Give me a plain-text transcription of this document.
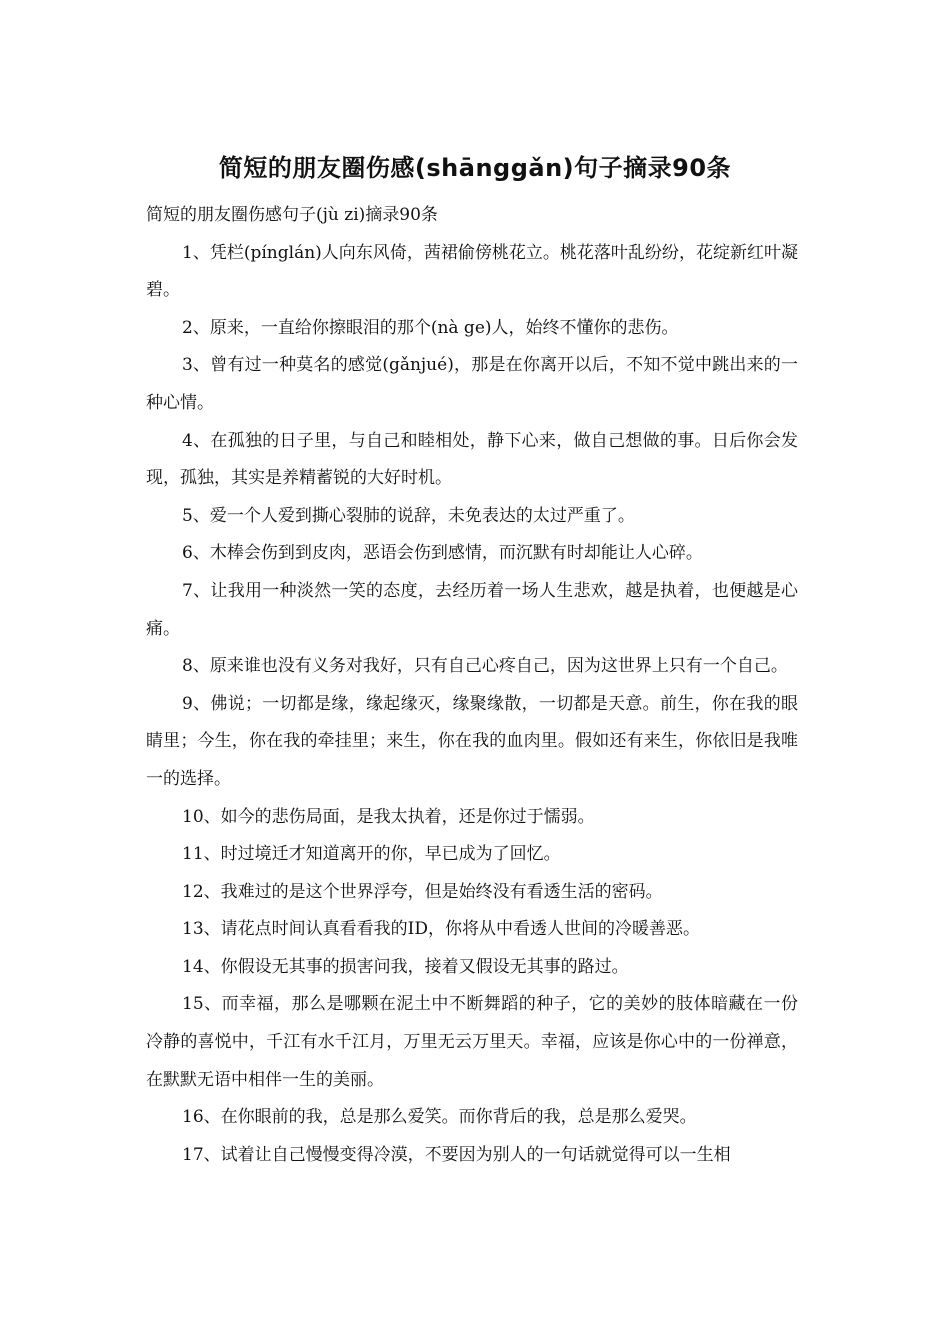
简短的朋友圈伤感(shānggǎn)句子摘录90条

简短的朋友圈伤感句子(jù zi)摘录90条

1、凭栏(pínglán)人向东风倚，茜裙偷傍桃花立。桃花落叶乱纷纷，花绽新红叶凝碧。

2、原来，一直给你擦眼泪的那个(nà ge)人，始终不懂你的悲伤。

3、曾有过一种莫名的感觉(gǎnjué)，那是在你离开以后，不知不觉中跳出来的一种心情。

4、在孤独的日子里，与自己和睦相处，静下心来，做自己想做的事。日后你会发现，孤独，其实是养精蓄锐的大好时机。

5、爱一个人爱到撕心裂肺的说辞，未免表达的太过严重了。

6、木棒会伤到到皮肉，恶语会伤到感情，而沉默有时却能让人心碎。

7、让我用一种淡然一笑的态度，去经历着一场人生悲欢，越是执着，也便越是心痛。

8、原来谁也没有义务对我好，只有自己心疼自己，因为这世界上只有一个自己。

9、佛说；一切都是缘，缘起缘灭，缘聚缘散，一切都是天意。前生，你在我的眼睛里；今生，你在我的牵挂里；来生，你在我的血肉里。假如还有来生，你依旧是我唯一的选择。

10、如今的悲伤局面，是我太执着，还是你过于懦弱。

11、时过境迁才知道离开的你，早已成为了回忆。

12、我难过的是这个世界浮夸，但是始终没有看透生活的密码。

13、请花点时间认真看看我的ID，你将从中看透人世间的冷暖善恶。

14、你假设无其事的损害问我，接着又假设无其事的路过。

15、而幸福，那么是哪颗在泥土中不断舞蹈的种子，它的美妙的肢体暗藏在一份冷静的喜悦中，千江有水千江月，万里无云万里天。幸福，应该是你心中的一份禅意，在默默无语中相伴一生的美丽。

16、在你眼前的我，总是那么爱笑。而你背后的我，总是那么爱哭。

17、试着让自己慢慢变得冷漠，不要因为别人的一句话就觉得可以一生相
